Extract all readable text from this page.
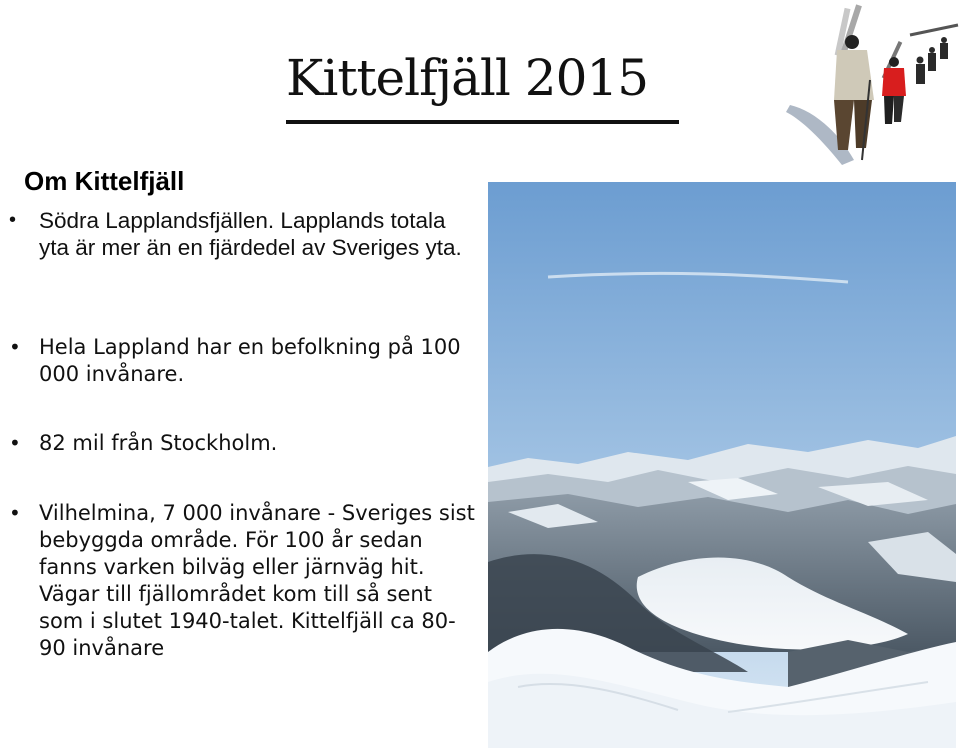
Kittelfjäll 2015
Om Kittelfjäll
• Södra Lapplandsfjällen. Lapplands totala yta är mer än en fjärdedel av Sveriges yta.
• Hela Lappland har en befolkning på 100 000 invånare.
• 82 mil från Stockholm.
• Vilhelmina, 7 000 invånare - Sveriges sist bebyggda område. För 100 år sedan fanns varken bilväg eller järnväg hit. Vägar till fjällområdet kom till så sent som i slutet 1940-talet. Kittelfjäll ca 80-90 invånare
